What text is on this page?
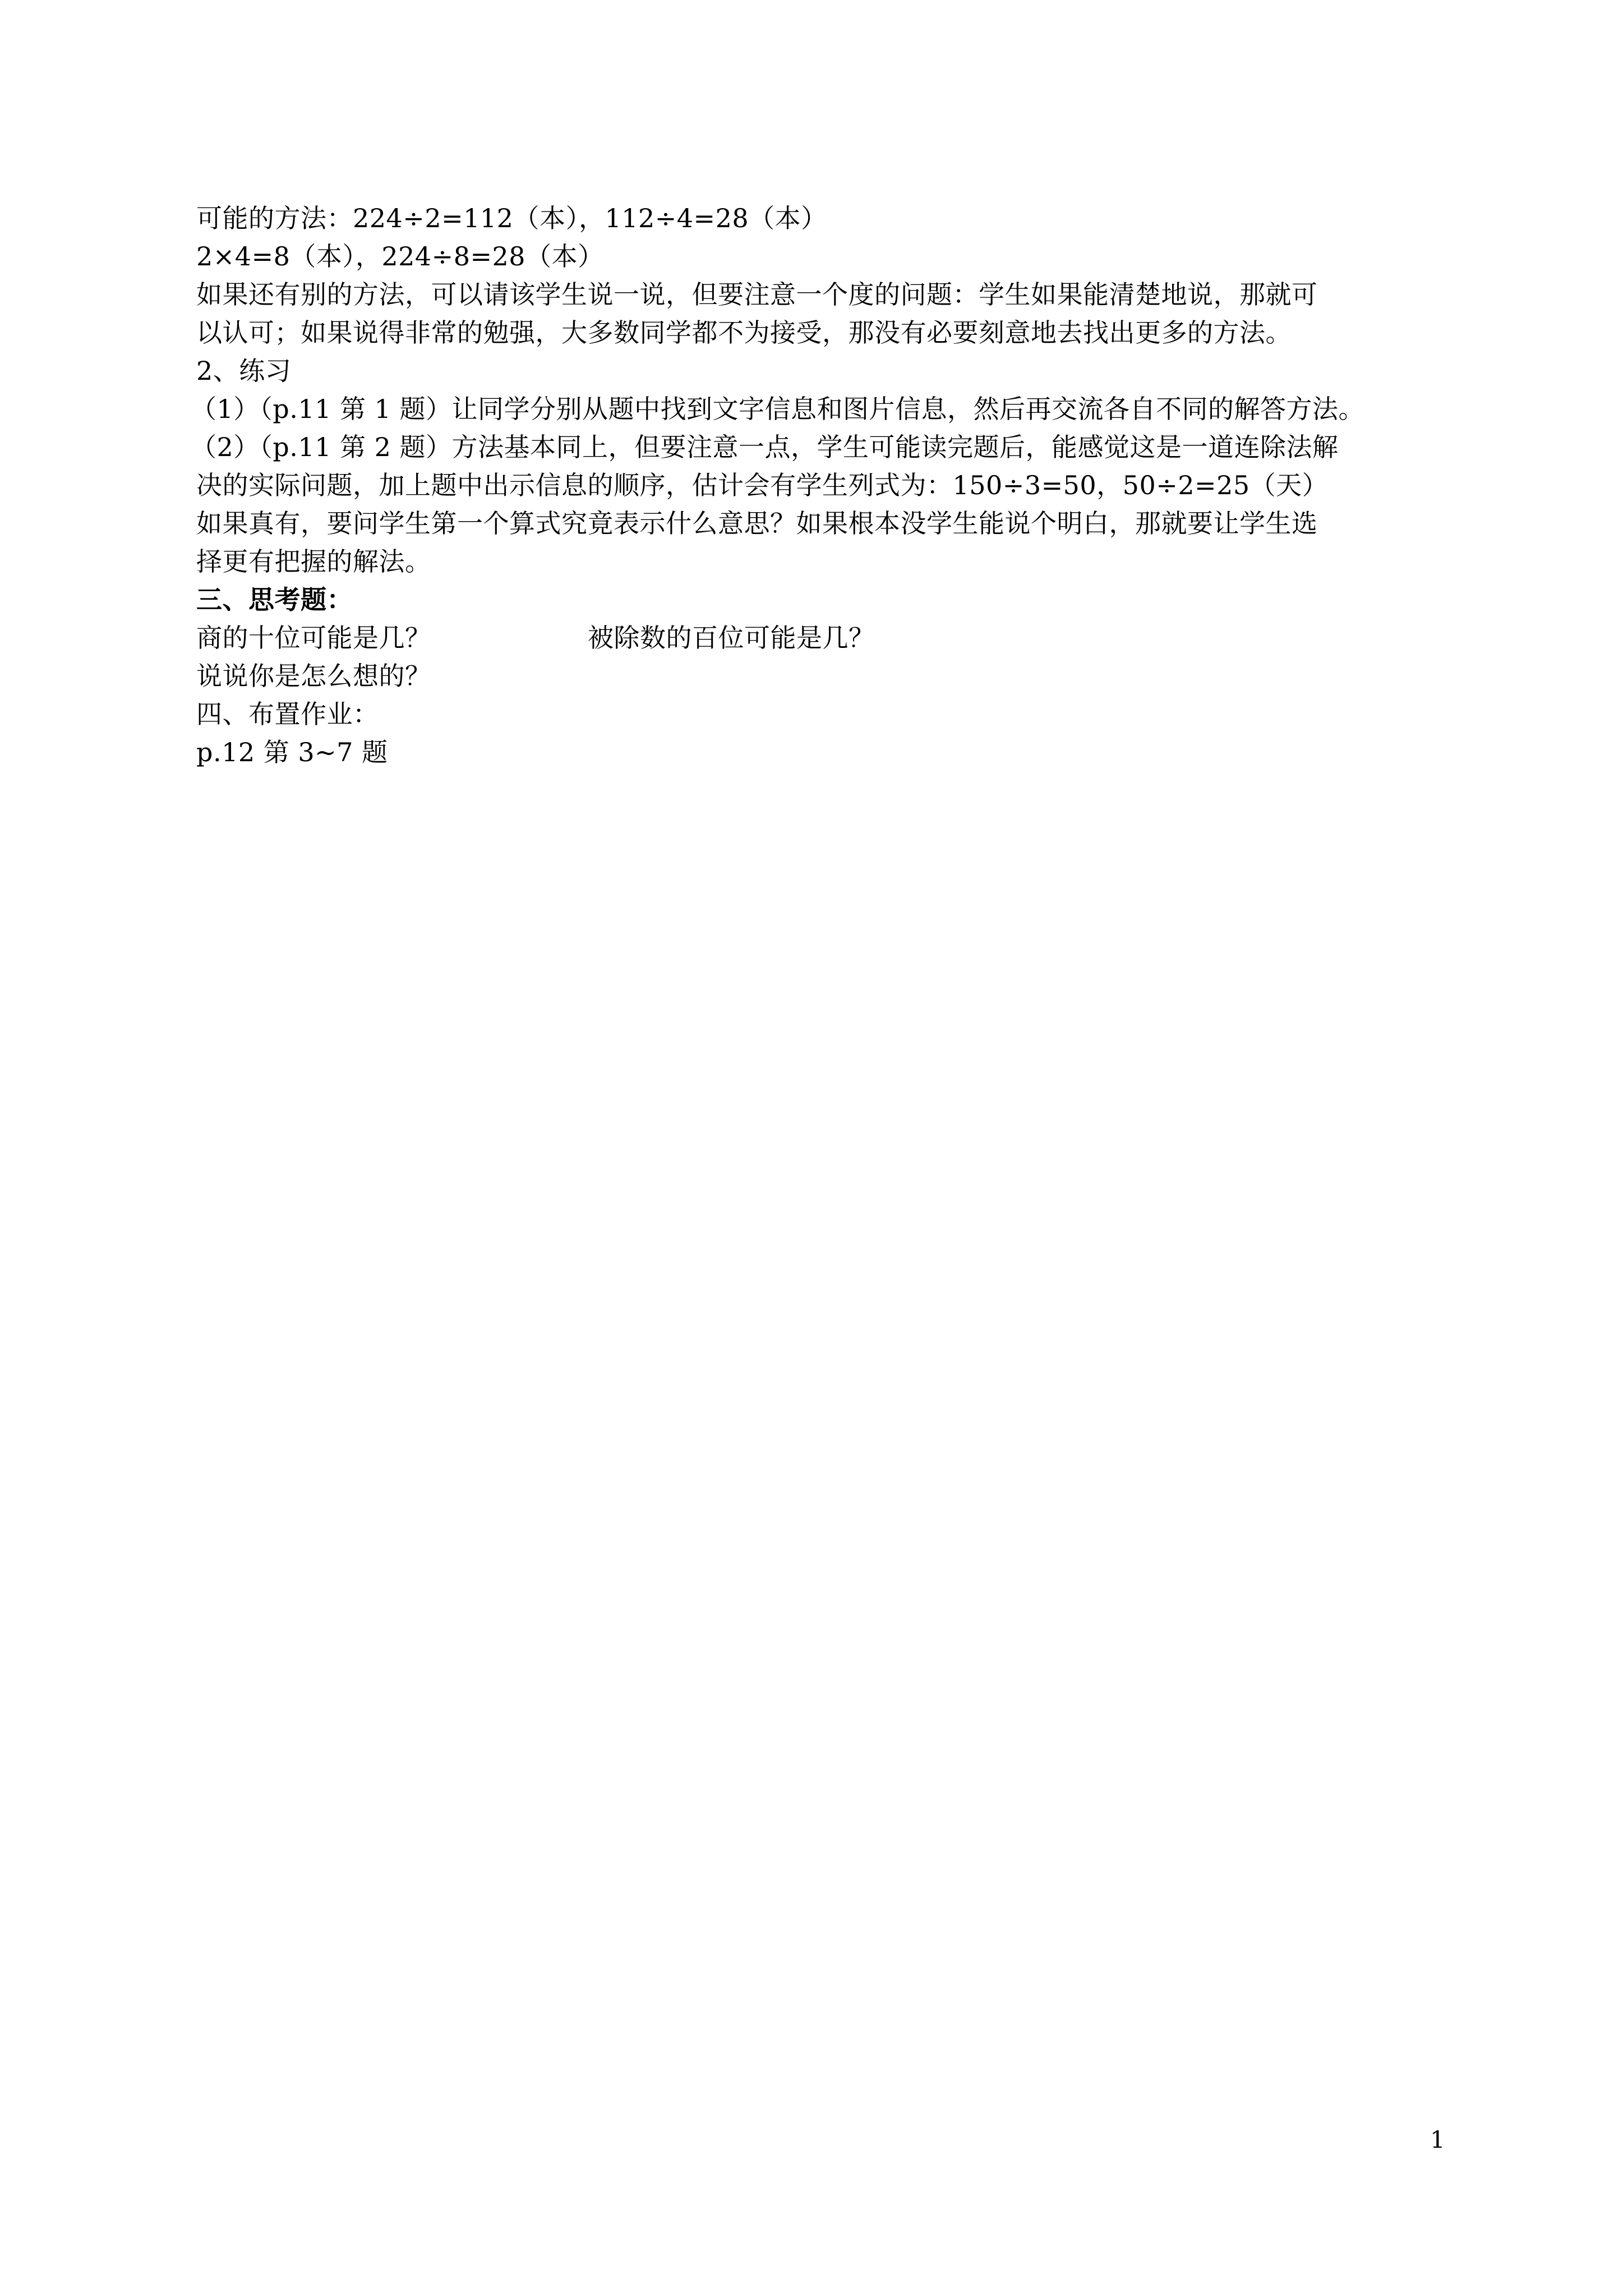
可能的方法：224÷2=112（本），112÷4=28（本）
2×4=8（本），224÷8=28（本）
如果还有别的方法，可以请该学生说一说，但要注意一个度的问题：学生如果能清楚地说，那就可
以认可；如果说得非常的勉强，大多数同学都不为接受，那没有必要刻意地去找出更多的方法。
2、练习
（1）（p.11 第 1 题）让同学分别从题中找到文字信息和图片信息，然后再交流各自不同的解答方法。
（2）（p.11 第 2 题）方法基本同上，但要注意一点，学生可能读完题后，能感觉这是一道连除法解
决的实际问题，加上题中出示信息的顺序，估计会有学生列式为：150÷3=50，50÷2=25（天）
如果真有，要问学生第一个算式究竟表示什么意思？如果根本没学生能说个明白，那就要让学生选
择更有把握的解法。
三、思考题：
商的十位可能是几？	被除数的百位可能是几？
说说你是怎么想的？
四、布置作业：
p.12 第 3~7 题
1
